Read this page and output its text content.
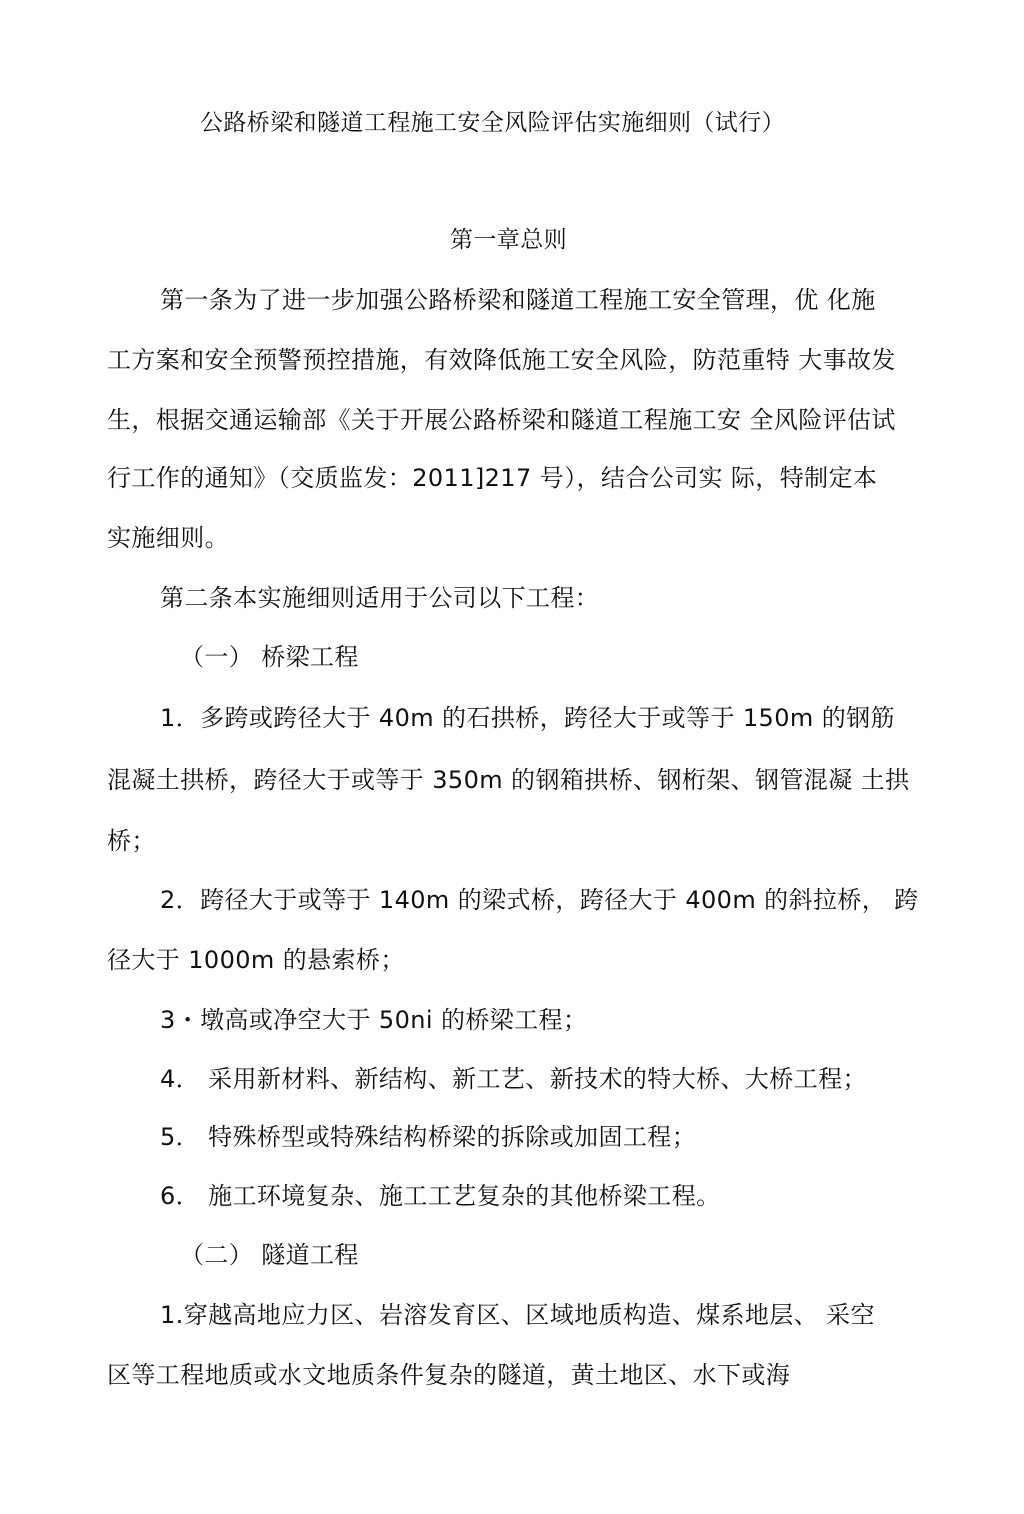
公路桥梁和隧道工程施工安全风险评估实施细则（试行）
第一章总则
第一条为了进一步加强公路桥梁和隧道工程施工安全管理，优 化施
工方案和安全预警预控措施，有效降低施工安全风险，防范重特 大事故发
生，根据交通运输部《关于开展公路桥梁和隧道工程施工安 全风险评估试
行工作的通知》（交质监发：2011]217 号），结合公司实 际，特制定本
实施细则。
第二条本实施细则适用于公司以下工程：
（一） 桥梁工程
1．多跨或跨径大于 40m 的石拱桥，跨径大于或等于 150m 的钢筋
混凝土拱桥，跨径大于或等于 350m 的钢箱拱桥、钢桁架、钢管混凝 土拱
桥；
2．跨径大于或等于 140m 的梁式桥，跨径大于 400m 的斜拉桥， 跨
径大于 1000m 的悬索桥；
3・墩高或净空大于 50ni 的桥梁工程；
4． 采用新材料、新结构、新工艺、新技术的特大桥、大桥工程；
5． 特殊桥型或特殊结构桥梁的拆除或加固工程；
6． 施工环境复杂、施工工艺复杂的其他桥梁工程。
（二） 隧道工程
1.穿越高地应力区、岩溶发育区、区域地质构造、煤系地层、 采空
区等工程地质或水文地质条件复杂的隧道，黄土地区、水下或海
